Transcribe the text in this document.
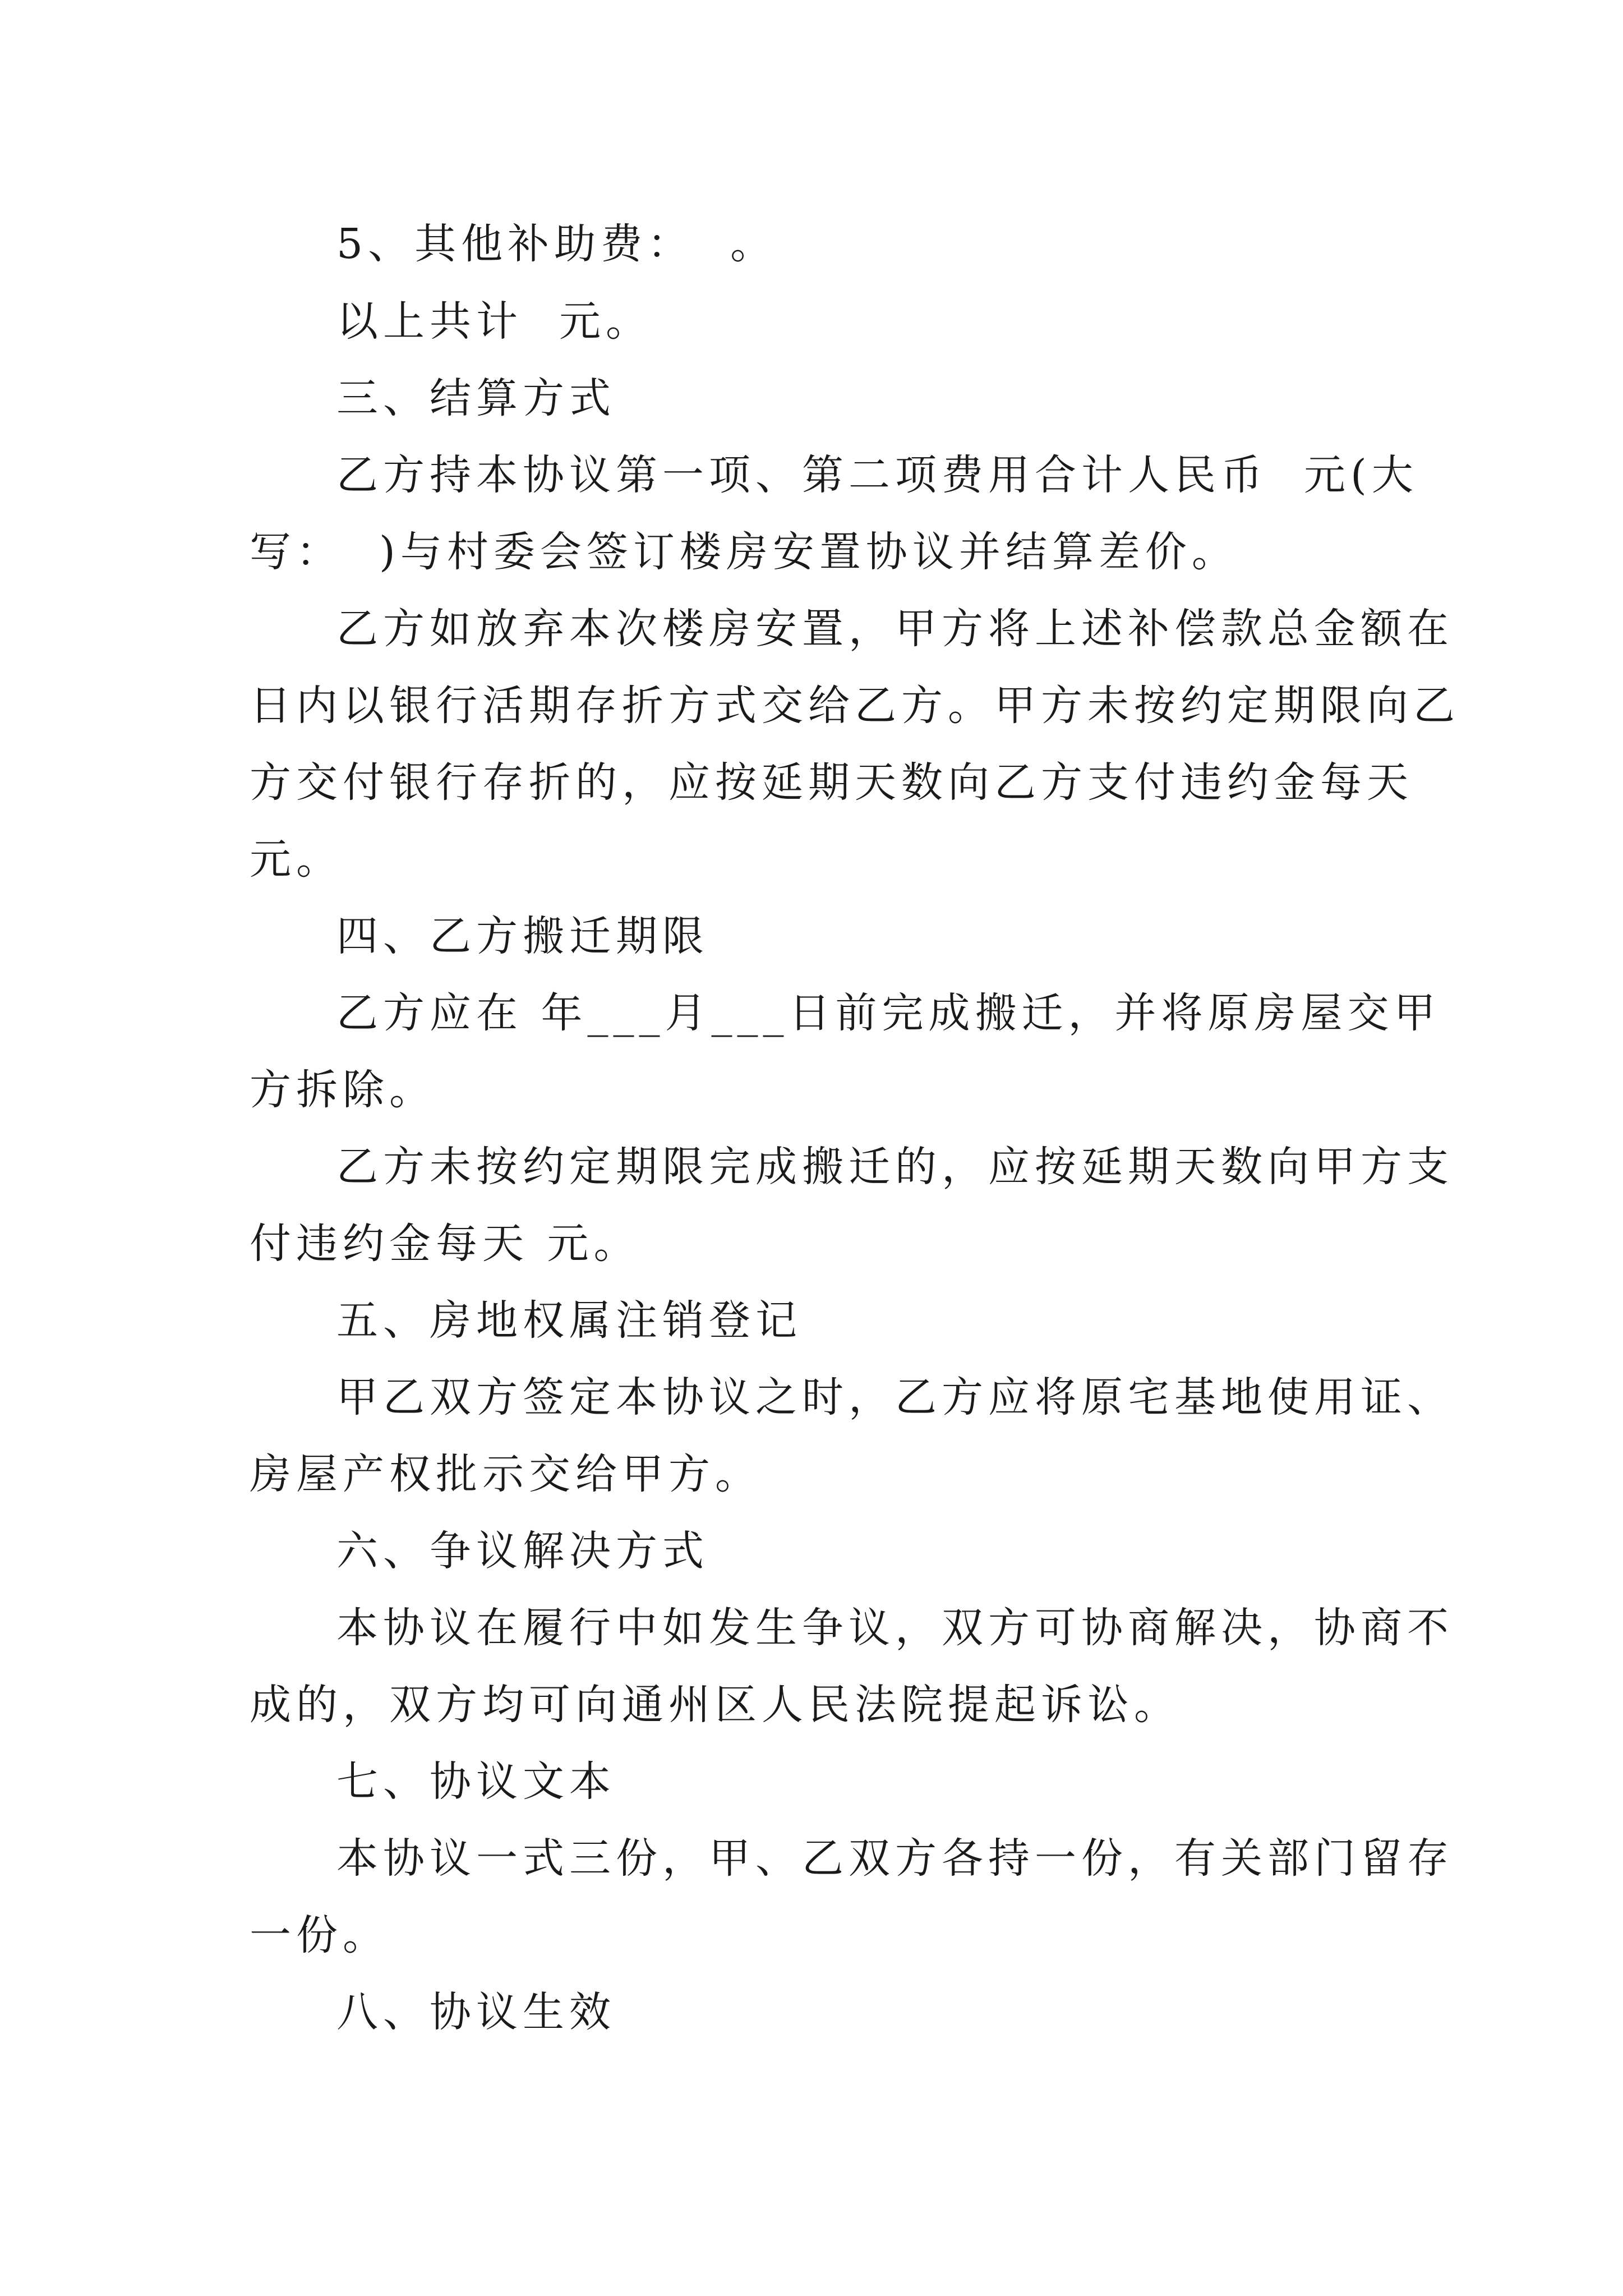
5、其他补助费：  。
以上共计  元。
三、结算方式
乙方持本协议第一项、第二项费用合计人民币  元(大
写：  )与村委会签订楼房安置协议并结算差价。
乙方如放弃本次楼房安置，甲方将上述补偿款总金额在
日内以银行活期存折方式交给乙方。甲方未按约定期限向乙
方交付银行存折的，应按延期天数向乙方支付违约金每天
元。
四、乙方搬迁期限
乙方应在 年___月___日前完成搬迁，并将原房屋交甲
方拆除。
乙方未按约定期限完成搬迁的，应按延期天数向甲方支
付违约金每天 元。
五、房地权属注销登记
甲乙双方签定本协议之时，乙方应将原宅基地使用证、
房屋产权批示交给甲方。
六、争议解决方式
本协议在履行中如发生争议，双方可协商解决，协商不
成的，双方均可向通州区人民法院提起诉讼。
七、协议文本
本协议一式三份，甲、乙双方各持一份，有关部门留存
一份。
八、协议生效
